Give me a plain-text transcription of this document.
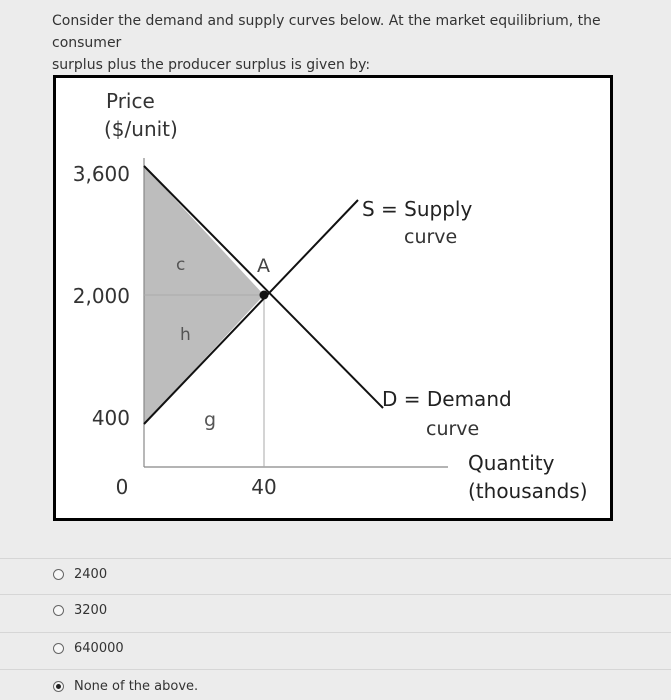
Consider the demand and supply curves below. At the market equilibrium, the consumer
surplus plus the producer surplus is given by:
Price
($/unit)
3,600
2,000
400
0	40
c	A
h
g
S = Supply
curve
D = Demand
curve
Quantity
(thousands)
2400
3200
640000
None of the above.
